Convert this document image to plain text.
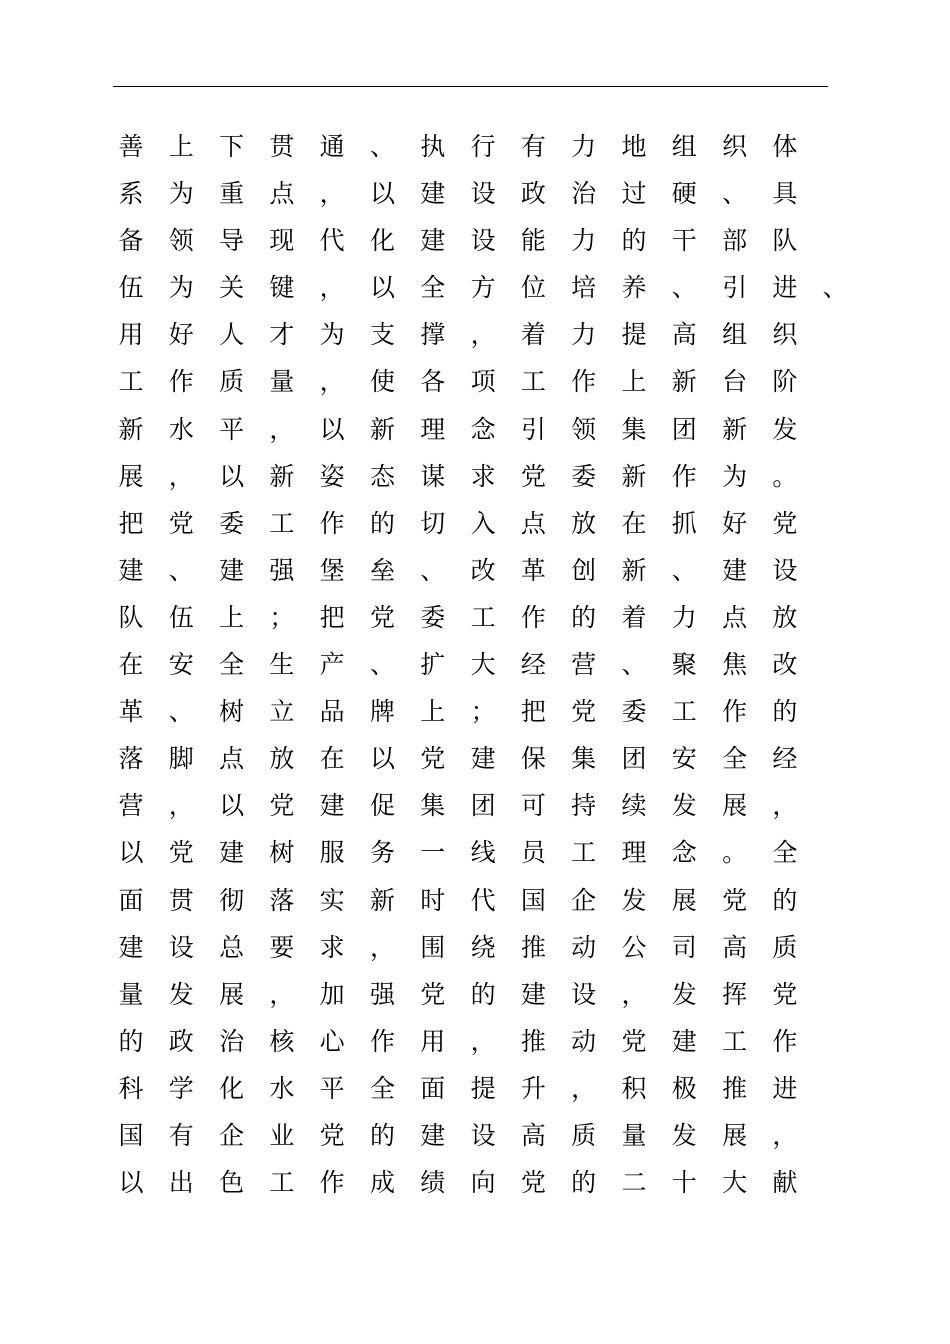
善	上	下	贯	通	、	执	行	有	力	地	组	织	体
系	为	重	点	，	以	建	设	政	治	过	硬	、	具
备	领	导	现	代	化	建	设	能	力	的	干	部	队
伍	为	关	键	，	以	全	方	位	培	养	、	引	进	、
用	好	人	才	为	支	撑	，	着	力	提	高	组	织
工	作	质	量	，	使	各	项	工	作	上	新	台	阶
新	水	平	，	以	新	理	念	引	领	集	团	新	发
展	，	以	新	姿	态	谋	求	党	委	新	作	为	。
把	党	委	工	作	的	切	入	点	放	在	抓	好	党
建	、	建	强	堡	垒	、	改	革	创	新	、	建	设
队	伍	上	；	把	党	委	工	作	的	着	力	点	放
在	安	全	生	产	、	扩	大	经	营	、	聚	焦	改
革	、	树	立	品	牌	上	；	把	党	委	工	作	的
落	脚	点	放	在	以	党	建	保	集	团	安	全	经
营	，	以	党	建	促	集	团	可	持	续	发	展	，
以	党	建	树	服	务	一	线	员	工	理	念	。	全
面	贯	彻	落	实	新	时	代	国	企	发	展	党	的
建	设	总	要	求	，	围	绕	推	动	公	司	高	质
量	发	展	，	加	强	党	的	建	设	，	发	挥	党
的	政	治	核	心	作	用	，	推	动	党	建	工	作
科	学	化	水	平	全	面	提	升	，	积	极	推	进
国	有	企	业	党	的	建	设	高	质	量	发	展	，
以	出	色	工	作	成	绩	向	党	的	二	十	大	献
